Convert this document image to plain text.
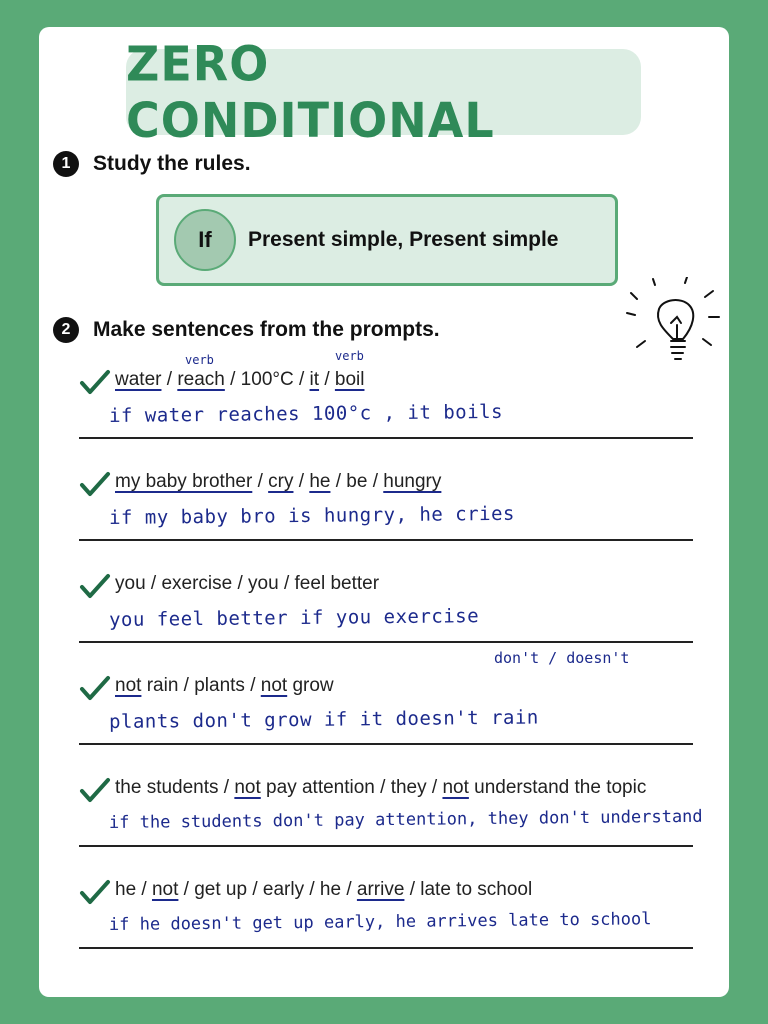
ZERO CONDITIONAL
1	Study the rules.
If Present simple, Present simple
2	Make sentences from the prompts.
verb	verb
don't / doesn't
water / reach / 100°C / it / boil
if water reaches 100°c , it boils
my baby brother / cry / he / be / hungry
if my baby bro is hungry, he cries
you / exercise / you / feel better
you feel better if you exercise
not rain / plants / not grow
plants don't grow if it doesn't rain
the students / not pay attention / they / not understand the topic
if the students don't pay attention, they don't understand
he / not / get up / early / he / arrive / late to school
if he doesn't get up early, he arrives late to school
